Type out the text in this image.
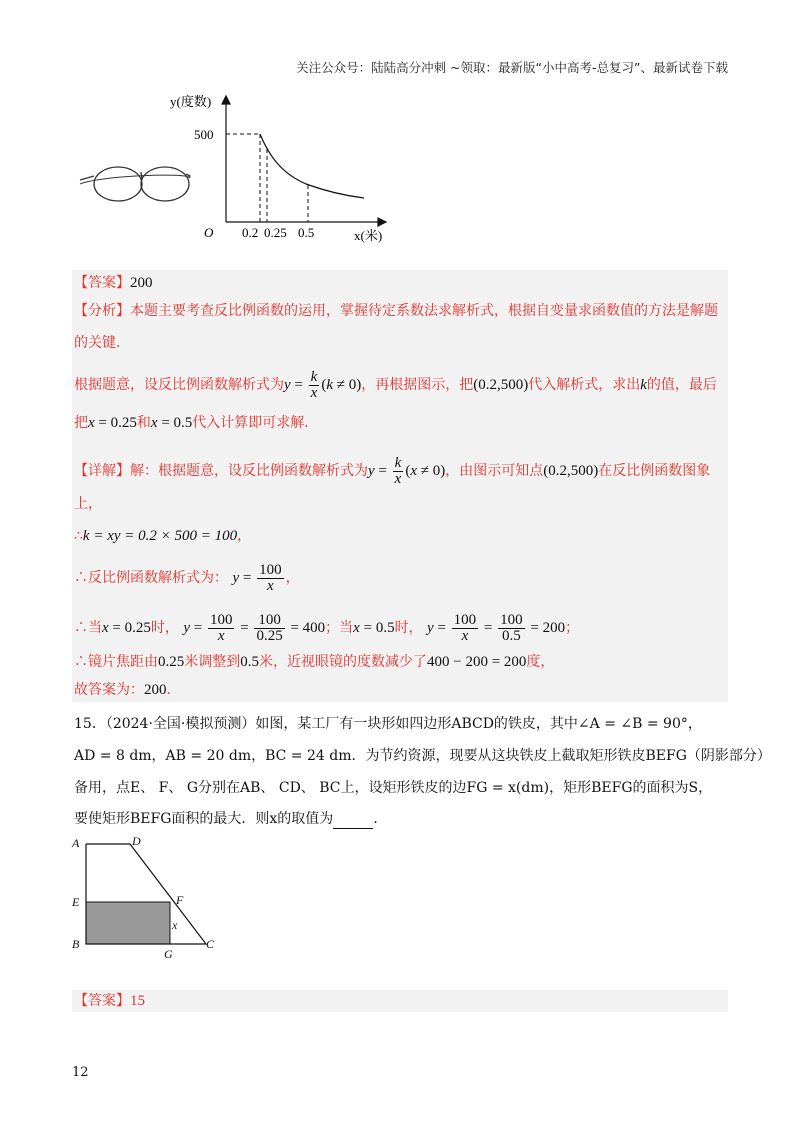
关注公众号：陆陆高分冲刺 ~领取：最新版“小中高考-总复习”、最新试卷下载
y(度数)
500
O 0.2 0.25 0.5	x(米)
【答案】200
【分析】本题主要考查反比例函数的运用，掌握待定系数法求解析式，根据自变量求函数值的方法是解题
的关键．
根据题意，设反比例函数解析式为$y = \frac{k}{x} (k \ne 0)$，再根据图示，把(0.2,500)代入解析式，求出k的值，最后
把x = 0.25和x = 0.5代入计算即可求解．
【详解】解：根据题意，设反比例函数解析式为$y = \frac{k}{x} (x \ne 0)$，由图示可知点(0.2,500)在反比例函数图象
上，
∴k = xy = 0.2 × 500 = 100，
∴反比例函数解析式为： $y = \frac{100}{x}$ ，
∴当x = 0.25时， $y = \frac{100}{x} = \frac{100}{0.25} = 400$；当x = 0.5时， $y = \frac{100}{x} = \frac{100}{0.5} = 200$；
∴镜片焦距由0.25米调整到0.5米，近视眼镜的度数减少了400 − 200 = 200度，
故答案为：200．
15．（2024·全国·模拟预测）如图，某工厂有一块形如四边形ABCD的铁皮，其中∠A = ∠B = 90°，
AD = 8 dm，AB = 20 dm，BC = 24 dm．为节约资源，现要从这块铁皮上截取矩形铁皮BEFG（阴影部分）
备用，点E、 F、 G分别在AB、 CD、 BC上，设矩形铁皮的边FG = x(dm)，矩形BEFG的面积为S，
要使矩形BEFG面积的最大．则x的取值为	．
A	D
E	F
x
B
G
C
【答案】15
12
